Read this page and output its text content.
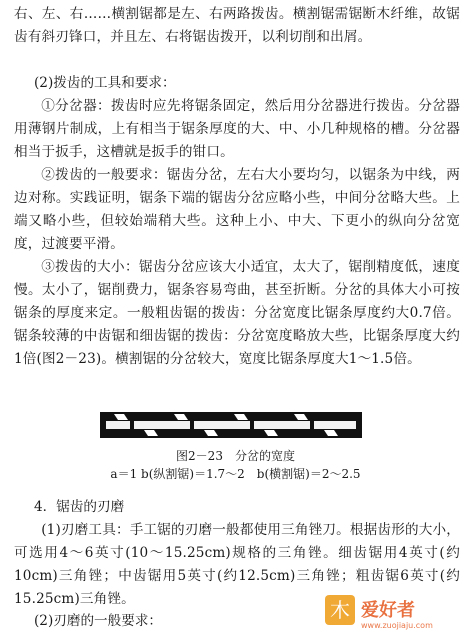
右、左、右……横割锯都是左、右两路拨齿。横割锯需锯断木纤维，故锯齿有斜刃锋口，并且左、右将锯齿拨开，以利切削和出屑。

(2)拨齿的工具和要求：

①分岔器：拨齿时应先将锯条固定，然后用分岔器进行拨齿。分岔器用薄钢片制成，上有相当于锯条厚度的大、中、小几种规格的槽。分岔器相当于扳手，这槽就是扳手的钳口。

②拨齿的一般要求：锯齿分岔，左右大小要均匀，以锯条为中线，两边对称。实践证明，锯条下端的锯齿分岔应略小些，中间分岔略大些。上端又略小些，但较始端稍大些。这种上小、中大、下更小的纵向分岔宽度，过渡要平滑。

③拨齿的大小：锯齿分岔应该大小适宜，太大了，锯削精度低，速度慢。太小了，锯削费力，锯条容易弯曲，甚至折断。分岔的具体大小可按锯条的厚度来定。一般粗齿锯的拨齿：分岔宽度比锯条厚度约大0.7倍。锯条较薄的中齿锯和细齿锯的拨齿：分岔宽度略放大些，比锯条厚度大约1倍(图2－23)。横割锯的分岔较大，宽度比锯条厚度大1～1.5倍。

图2－23　分岔的宽度

a＝1 b(纵割锯)＝1.7～2　b(横割锯)＝2～2.5

4．锯齿的刃磨

(1)刃磨工具：手工锯的刃磨一般都使用三角锉刀。根据齿形的大小，可选用4～6英寸(10～15.25cm)规格的三角锉。细齿锯用4英寸(约10cm)三角锉；中齿锯用5英寸(约12.5cm)三角锉；粗齿锯6英寸(约15.25cm)三角锉。

(2)刃磨的一般要求：	木 爱好者
www.zuojiaju.com
